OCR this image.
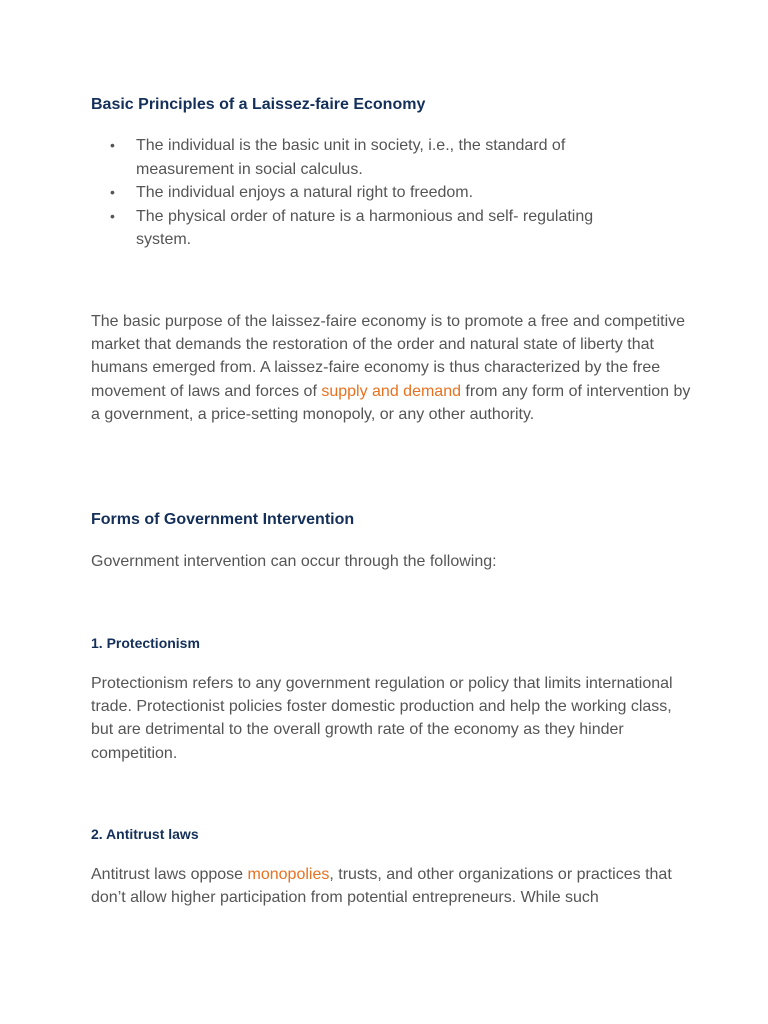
Basic Principles of a Laissez-faire Economy
• The individual is the basic unit in society, i.e., the standard of measurement in social calculus.
• The individual enjoys a natural right to freedom.
• The physical order of nature is a harmonious and self- regulating system.

The basic purpose of the laissez-faire economy is to promote a free and competitive market that demands the restoration of the order and natural state of liberty that humans emerged from. A laissez-faire economy is thus characterized by the free movement of laws and forces of supply and demand from any form of intervention by a government, a price-setting monopoly, or any other authority.

Forms of Government Intervention

Government intervention can occur through the following:

1. Protectionism

Protectionism refers to any government regulation or policy that limits international trade. Protectionist policies foster domestic production and help the working class, but are detrimental to the overall growth rate of the economy as they hinder competition.

2. Antitrust laws

Antitrust laws oppose monopolies, trusts, and other organizations or practices that don’t allow higher participation from potential entrepreneurs. While such
